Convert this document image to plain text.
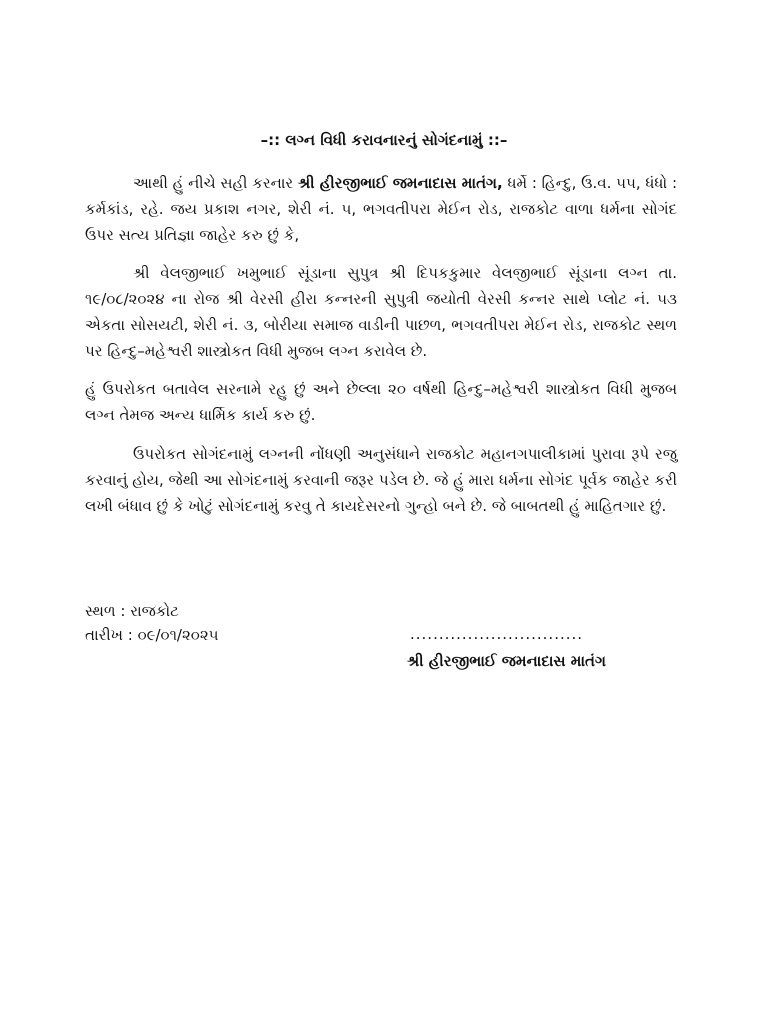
–:: લગ્ન વિધી કરાવનારનું સોગંદનામું ::–
આથી હું નીચે સહી કરનાર શ્રી હીરજીભાઈ જમનાદાસ માતંગ, ધર્મે : હિન્દુ, ઉ.વ. ૫૫, ધંધો : કર્મકાંડ, રહે. જય પ્રકાશ નગર, શેરી નં. ૫, ભગવતીપરા મેઈન રોડ, રાજકોટ વાળા ધર્મના સોગંદ ઉપર સત્ય પ્રતિજ્ઞા જાહેર કરુ છું કે,
શ્રી વેલજીભાઈ ખમુભાઈ સૂંડાના સુપુત્ર શ્રી દિપકકુમાર વેલજીભાઈ સૂંડાના લગ્ન તા. ૧૯/૦૮/૨૦૨૪ ના રોજ શ્રી વેરસી હીરા કન્નરની સુપુત્રી જયોતી વેરસી કન્નર સાથે પ્લોટ નં. ૫૩ એકતા સોસયટી, શેરી નં. ૩, બોરીયા સમાજ વાડીની પાછળ, ભગવતીપરા મેઈન રોડ, રાજકોટ સ્થળ પર હિન્દુ–મહેશ્વરી શાસ્ત્રોકત વિધી મુજબ લગ્ન કરાવેલ છે.
હું ઉપરોકત બતાવેલ સરનામે રહુ છું અને છેલ્લા ૨૦ વર્ષથી હિન્દુ–મહેશ્વરી શાસ્ત્રોકત વિધી મુજબ લગ્ન તેમજ અન્ય ધાર્મિક કાર્ય કરુ છું.
ઉપરોકત સોગંદનામું લગ્નની નોંધણી અનુસંધાને રાજકોટ મહાનગપાલીકામાં પુરાવા રૂપે રજુ કરવાનું હોય, જેથી આ સોગંદનામું કરવાની જરૂર પડેલ છે. જે હું મારા ધર્મના સોગંદ પૂર્વક જાહેર કરી લખી બંધાવ છું કે ખોટું સોગંદનામું કરવુ તે કાયદેસરનો ગુન્હો બને છે. જે બાબતથી હું માહિતગાર છું.
સ્થળ : રાજકોટ
તારીખ : ૦૯/૦૧/૨૦૨૫	..............................
શ્રી હીરજીભાઈ જમનાદાસ માતંગ
